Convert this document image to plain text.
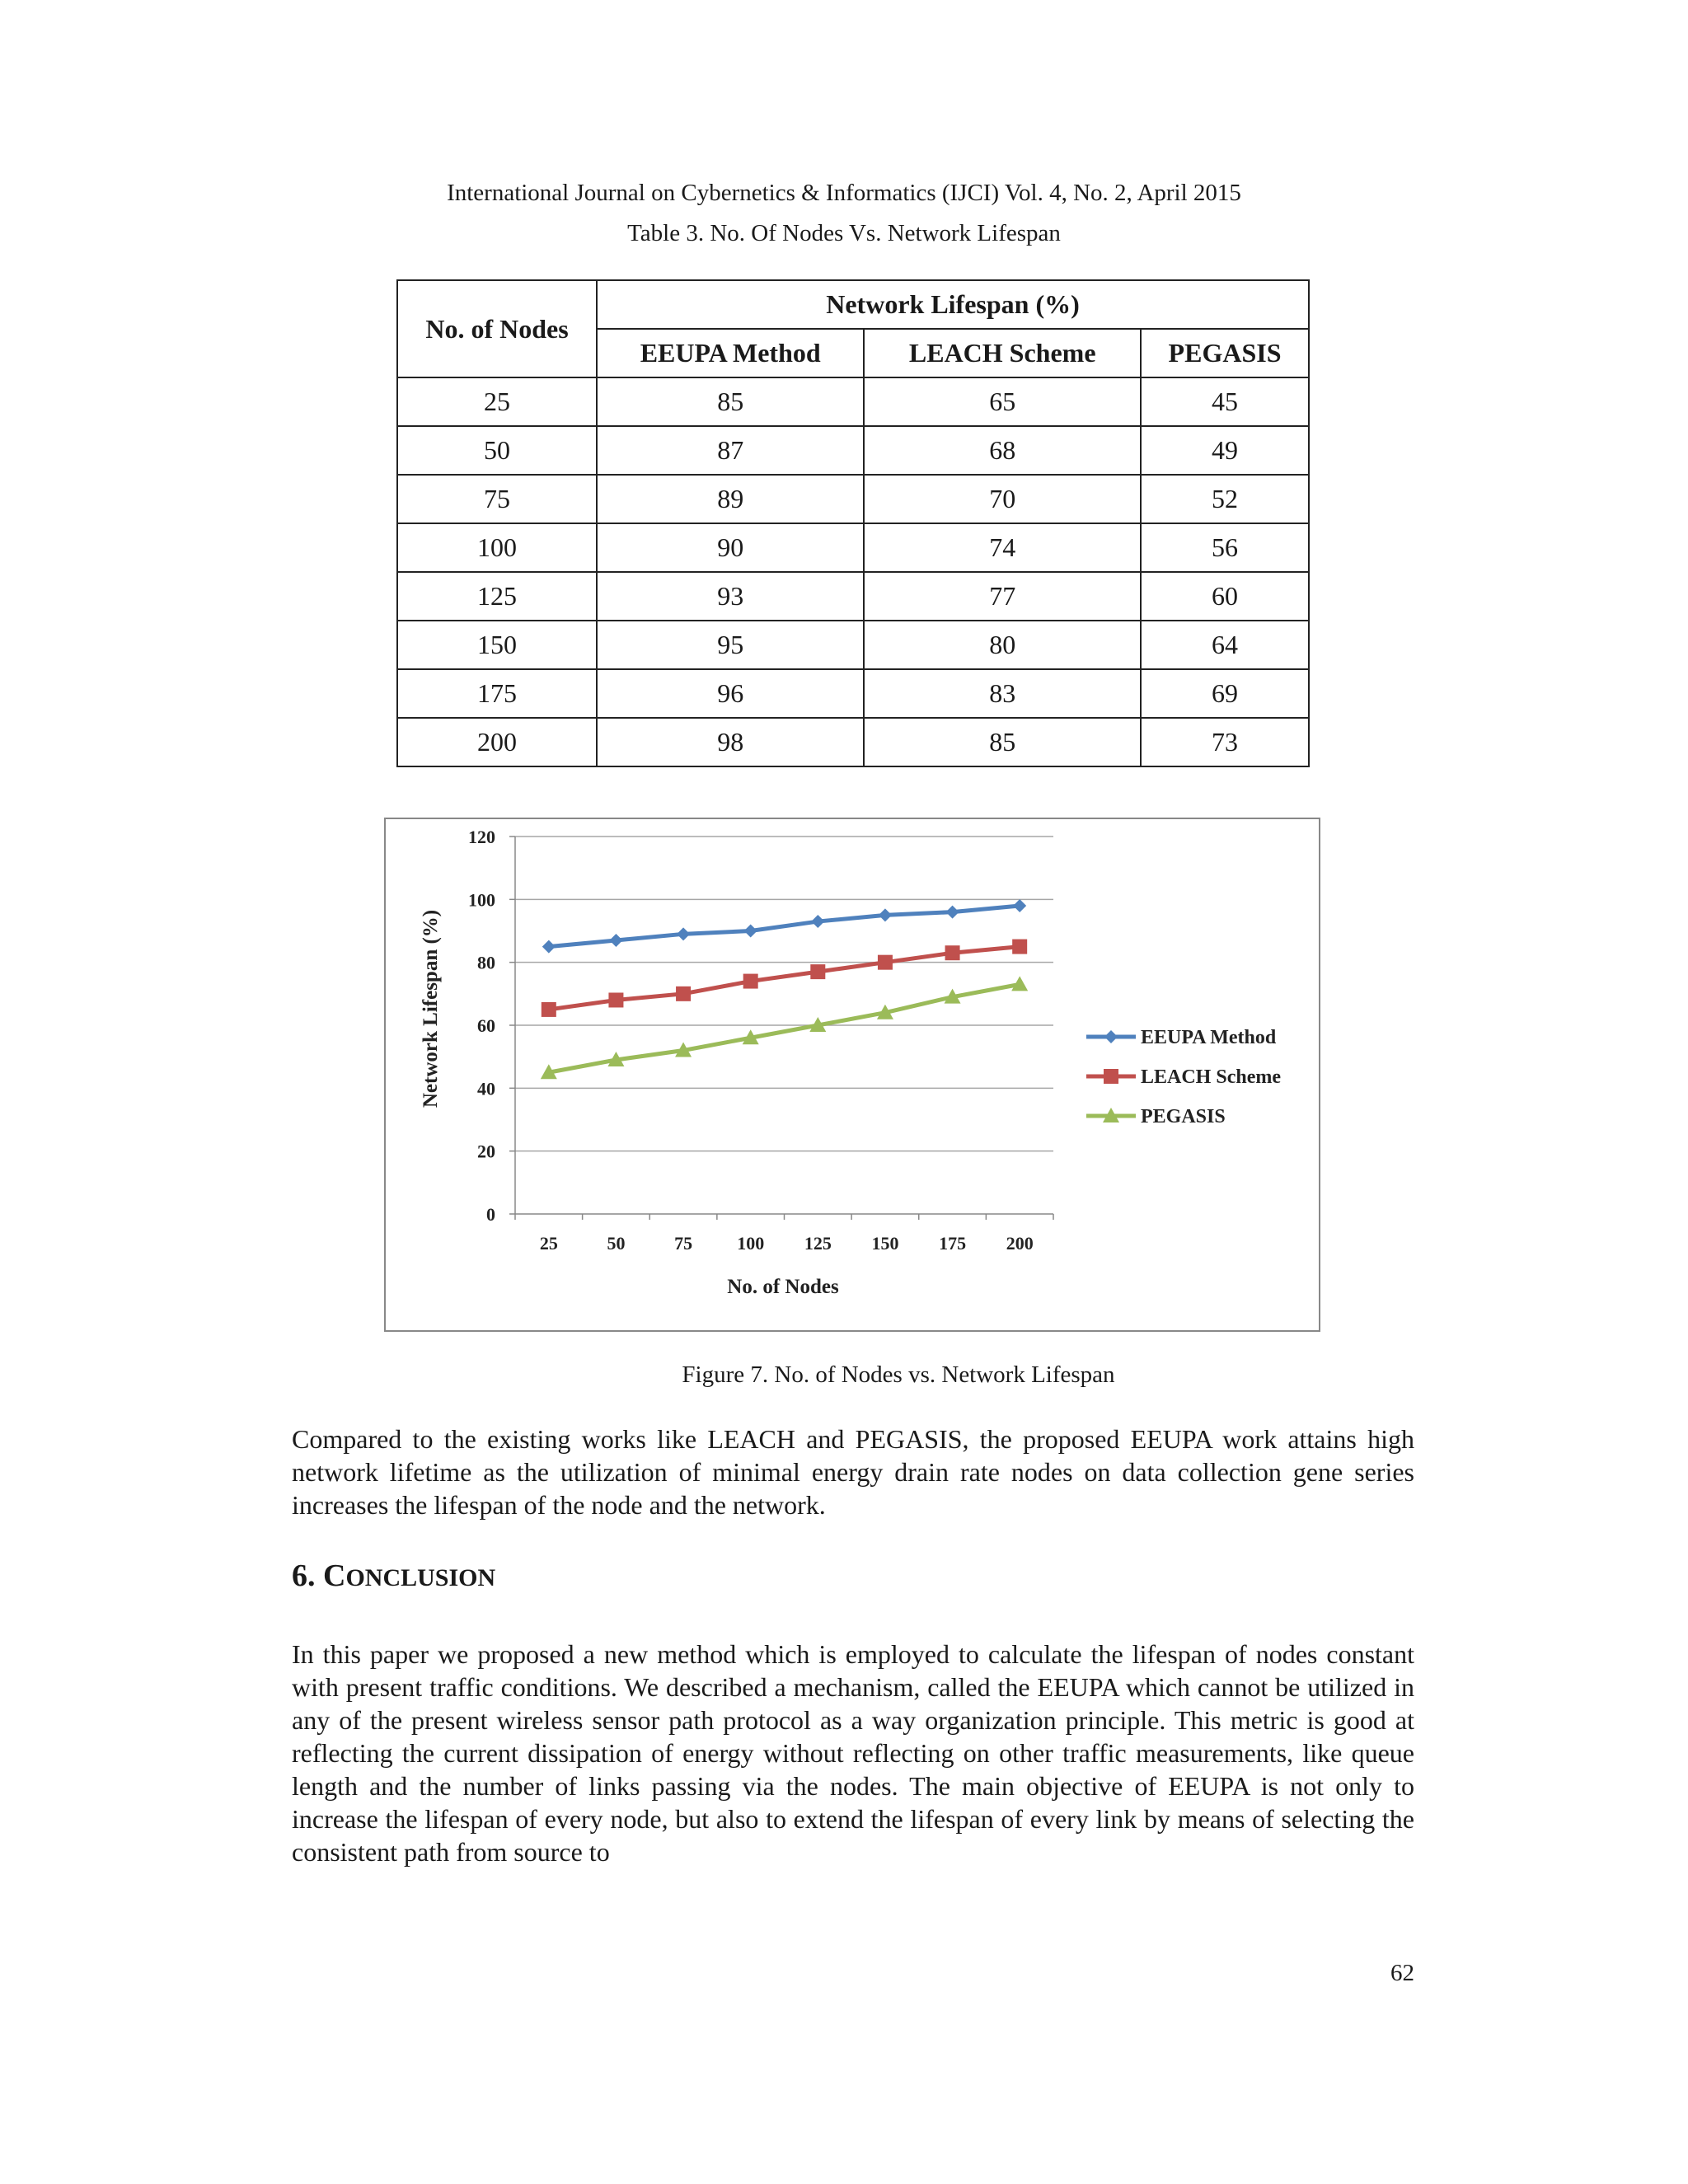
International Journal on Cybernetics & Informatics (IJCI) Vol. 4, No. 2, April 2015
Table 3. No. Of Nodes Vs. Network Lifespan
No. of Nodes	Network Lifespan (%)		
	EEUPA Method	LEACH Scheme	PEGASIS
25	85	65	45
50	87	68	49
75	89	70	52
100	90	74	56
125	93	77	60
150	95	80	64
175	96	83	69
200	98	85	73
0
20
40
60
80
100
120
25	50	75 100 125 150 175 200
EEUPA Method
LEACH Scheme
PEGASIS
Network Lifespan (%)
No. of Nodes
Figure 7. No. of Nodes vs. Network Lifespan

Compared to the existing works like LEACH and PEGASIS, the proposed EEUPA work attains high network lifetime as the utilization of minimal energy drain rate nodes on data collection gene series increases the lifespan of the node and the network.

6. CONCLUSION

In this paper we proposed a new method which is employed to calculate the lifespan of nodes constant with present traffic conditions. We described a mechanism, called the EEUPA which cannot be utilized in any of the present wireless sensor path protocol as a way organization principle. This metric is good at reflecting the current dissipation of energy without reflecting on other traffic measurements, like queue length and the number of links passing via the nodes. The main objective of EEUPA is not only to increase the lifespan of every node, but also to extend the lifespan of every link by means of selecting the consistent path from source to

62
